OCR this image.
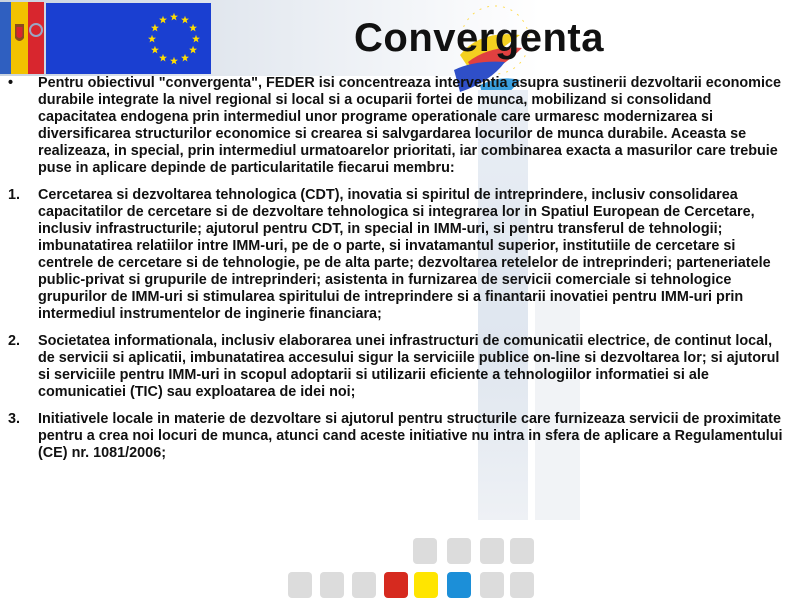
Convergenta
•	Pentru obiectivul "convergenta", FEDER isi concentreaza interventia asupra sustinerii dezvoltarii economice durabile integrate la nivel regional si local si a ocuparii fortei de munca, mobilizand si consolidand capacitatea endogena prin intermediul unor programe operationale care urmaresc modernizarea si diversificarea structurilor economice si crearea si salvgardarea locurilor de munca durabile. Aceasta se realizeaza, in special, prin intermediul urmatoarelor prioritati, iar combinarea exacta a masurilor care trebuie puse in aplicare depinde de particularitatile fiecarui membru:
1.	Cercetarea si dezvoltarea tehnologica (CDT), inovatia si spiritul de intreprindere, inclusiv consolidarea capacitatilor de cercetare si de dezvoltare tehnologica si integrarea lor in Spatiul European de Cercetare, inclusiv infrastructurile; ajutorul pentru CDT, in special in IMM-uri, si pentru transferul de tehnologii; imbunatatirea relatiilor intre IMM-uri, pe de o parte, si invatamantul superior, institutiile de cercetare si centrele de cercetare si de tehnologie, pe de alta parte; dezvoltarea retelelor de intreprinderi; parteneriatele public-privat si grupurile de intreprinderi; asistenta in furnizarea de servicii comerciale si tehnologice grupurilor de IMM-uri si stimularea spiritului de intreprindere si a finantarii inovatiei pentru IMM-uri prin intermediul instrumentelor de inginerie financiara;
2.	Societatea informationala, inclusiv elaborarea unei infrastructuri de comunicatii electrice, de continut local, de servicii si aplicatii, imbunatatirea accesului sigur la serviciile publice on-line si dezvoltarea lor; si ajutorul si serviciile pentru IMM-uri in scopul adoptarii si utilizarii eficiente a tehnologiilor informatiei si ale comunicatiei (TIC) sau exploatarea de idei noi;
3.	Initiativele locale in materie de dezvoltare si ajutorul pentru structurile care furnizeaza servicii de proximitate pentru a crea noi locuri de munca, atunci cand aceste initiative nu intra in sfera de aplicare a Regulamentului (CE) nr. 1081/2006;
